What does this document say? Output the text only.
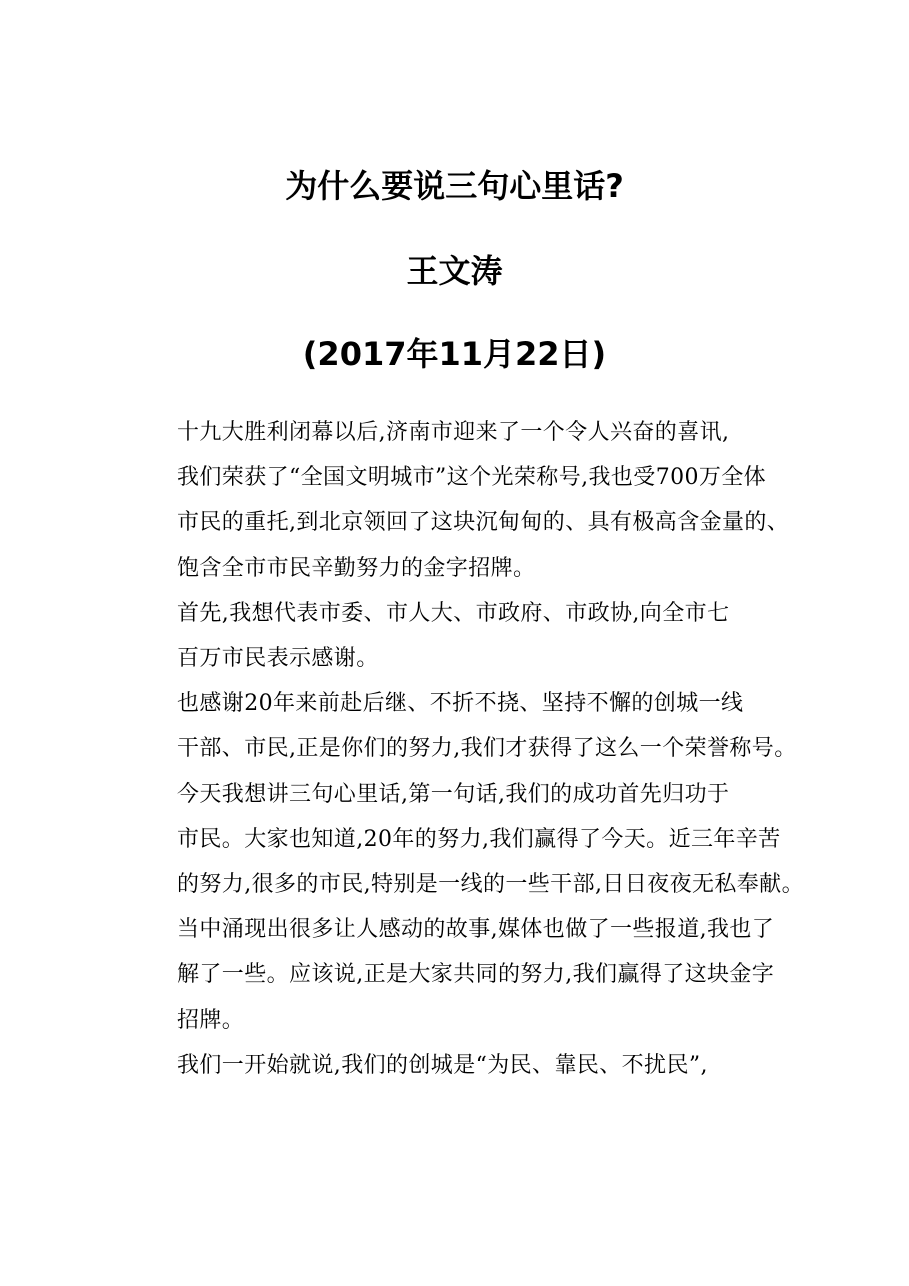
为什么要说三句心里话?
王文涛
(2017年11月22日)

十九大胜利闭幕以后,济南市迎来了一个令人兴奋的喜讯,
我们荣获了“全国文明城市”这个光荣称号,我也受700万全体
市民的重托,到北京领回了这块沉甸甸的、具有极高含金量的、
饱含全市市民辛勤努力的金字招牌。

首先,我想代表市委、市人大、市政府、市政协,向全市七
百万市民表示感谢。

也感谢20年来前赴后继、不折不挠、坚持不懈的创城一线
干部、市民,正是你们的努力,我们才获得了这么一个荣誉称号。

今天我想讲三句心里话,第一句话,我们的成功首先归功于
市民。大家也知道,20年的努力,我们赢得了今天。近三年辛苦
的努力,很多的市民,特别是一线的一些干部,日日夜夜无私奉献。
当中涌现出很多让人感动的故事,媒体也做了一些报道,我也了
解了一些。应该说,正是大家共同的努力,我们赢得了这块金字
招牌。

我们一开始就说,我们的创城是“为民、靠民、不扰民”,
